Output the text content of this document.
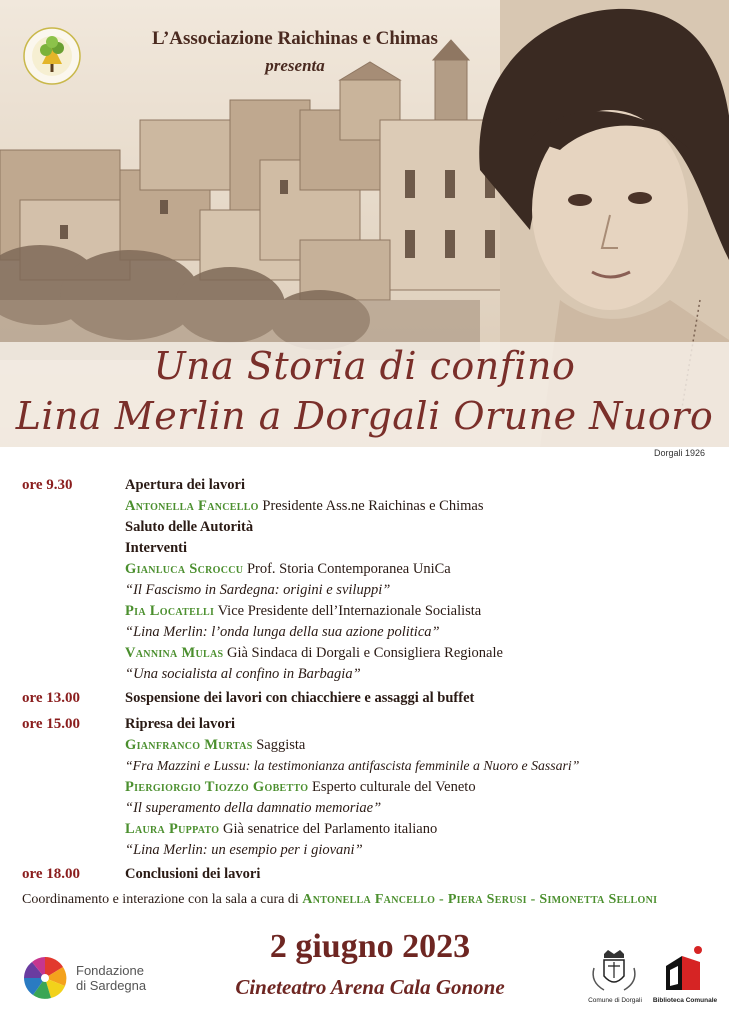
L’Associazione Raichinas e Chimas
presenta
Una Storia di confino
Lina Merlin a Dorgali Orune Nuoro
Dorgali 1926
ore 9.30	Apertura dei lavori
Antonella Fancello Presidente Ass.ne Raichinas e Chimas
Saluto delle Autorità
Interventi
Gianluca Scroccu Prof. Storia Contemporanea UniCa
“Il Fascismo in Sardegna: origini e sviluppi”
Pia Locatelli Vice Presidente dell’Internazionale Socialista
“Lina Merlin: l’onda lunga della sua azione politica”
Vannina Mulas Già Sindaca di Dorgali e Consigliera Regionale
“Una socialista al confino in Barbagia”
ore 13.00	Sospensione dei lavori con chiacchiere e assaggi al buffet
ore 15.00	Ripresa dei lavori
Gianfranco Murtas Saggista
“Fra Mazzini e Lussu: la testimonianza antifascista femminile a Nuoro e Sassari”
Piergiorgio Tiozzo Gobetto Esperto culturale del Veneto
“Il superamento della damnatio memoriae”
Laura Puppato Già senatrice del Parlamento italiano
“Lina Merlin: un esempio per i giovani”
ore 18.00	Conclusioni dei lavori
Coordinamento e interazione con la sala a cura di Antonella Fancello - Piera Serusi - Simonetta Selloni
2 giugno 2023
Cineteatro Arena Cala Gonone
Fondazione
di Sardegna
Comune di Dorgali	Biblioteca Comunale
